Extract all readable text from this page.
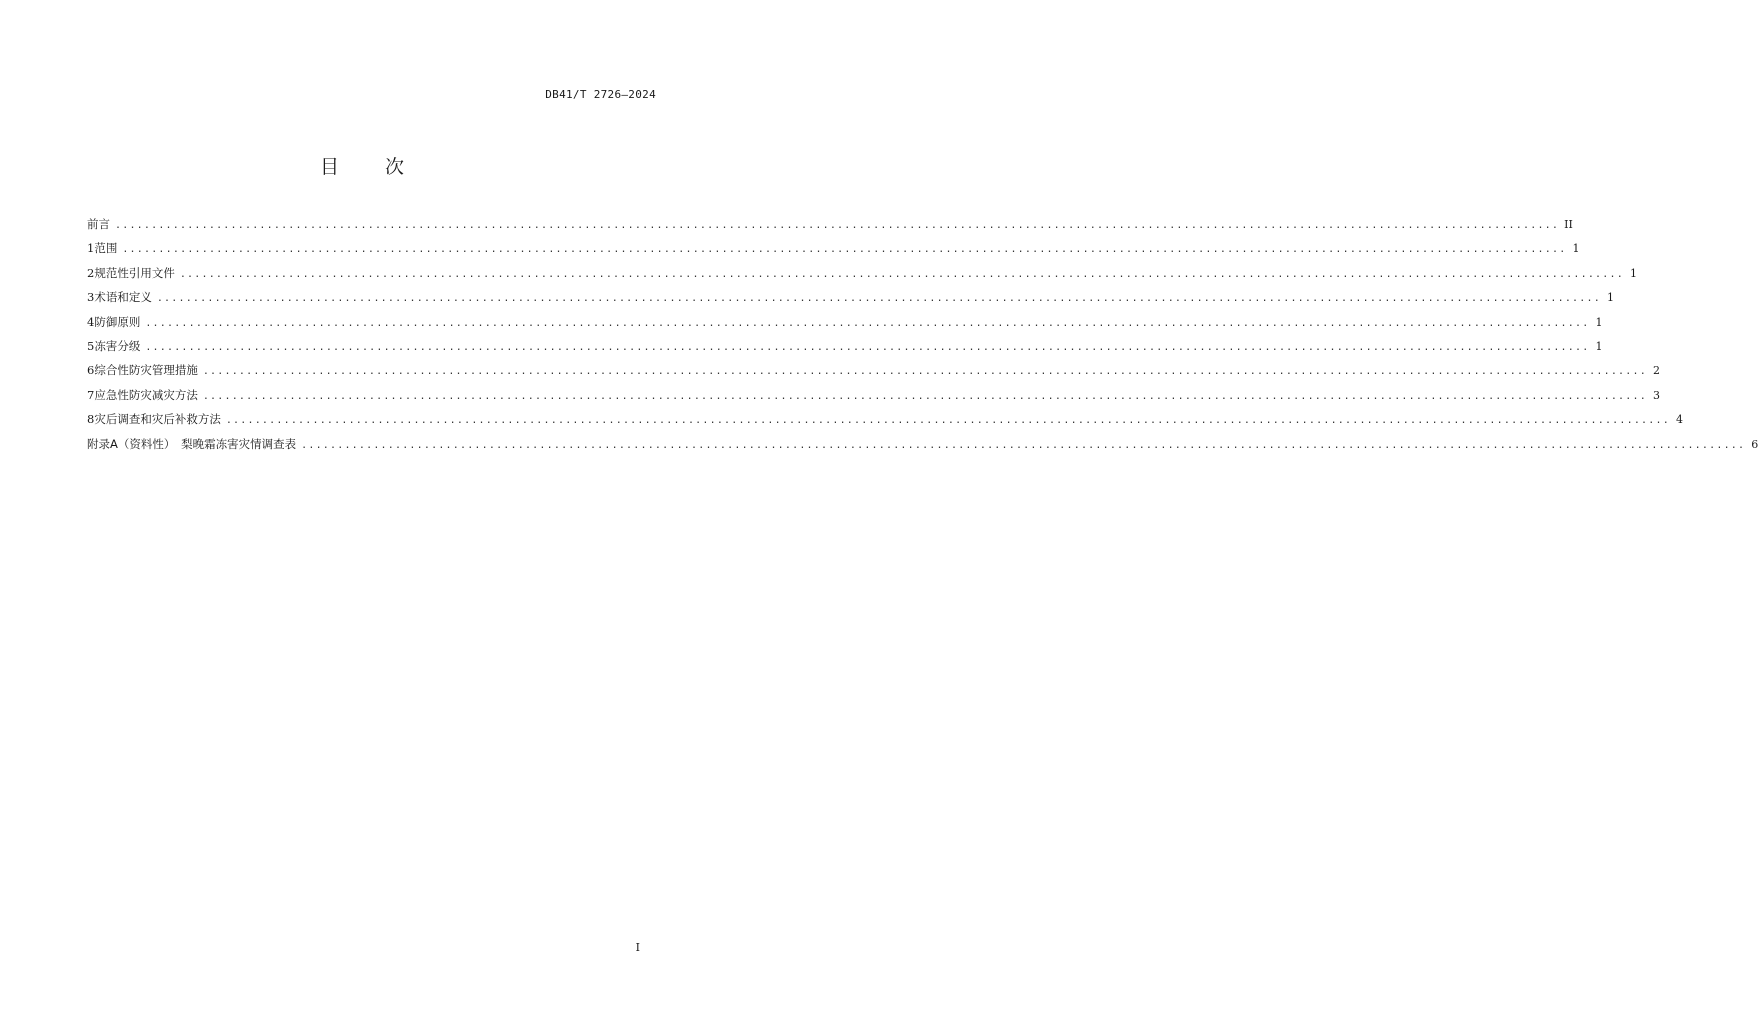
DB41/T 2726—2024
目 次
前言 ........................................................................................................................................................................................................ II
1 范围 ........................................................................................................................................................................................................ 1
2 规范性引用文件 ........................................................................................................................................................................................................ 1
3 术语和定义 ........................................................................................................................................................................................................ 1
4 防御原则 ........................................................................................................................................................................................................ 1
5 冻害分级 ........................................................................................................................................................................................................ 1
6 综合性防灾管理措施 ........................................................................................................................................................................................................ 2
7 应急性防灾减灾方法 ........................................................................................................................................................................................................ 3
8 灾后调查和灾后补救方法 ........................................................................................................................................................................................................ 4
附录A（资料性）　梨晚霜冻害灾情调查表 ........................................................................................................................................................................................................ 6
I
